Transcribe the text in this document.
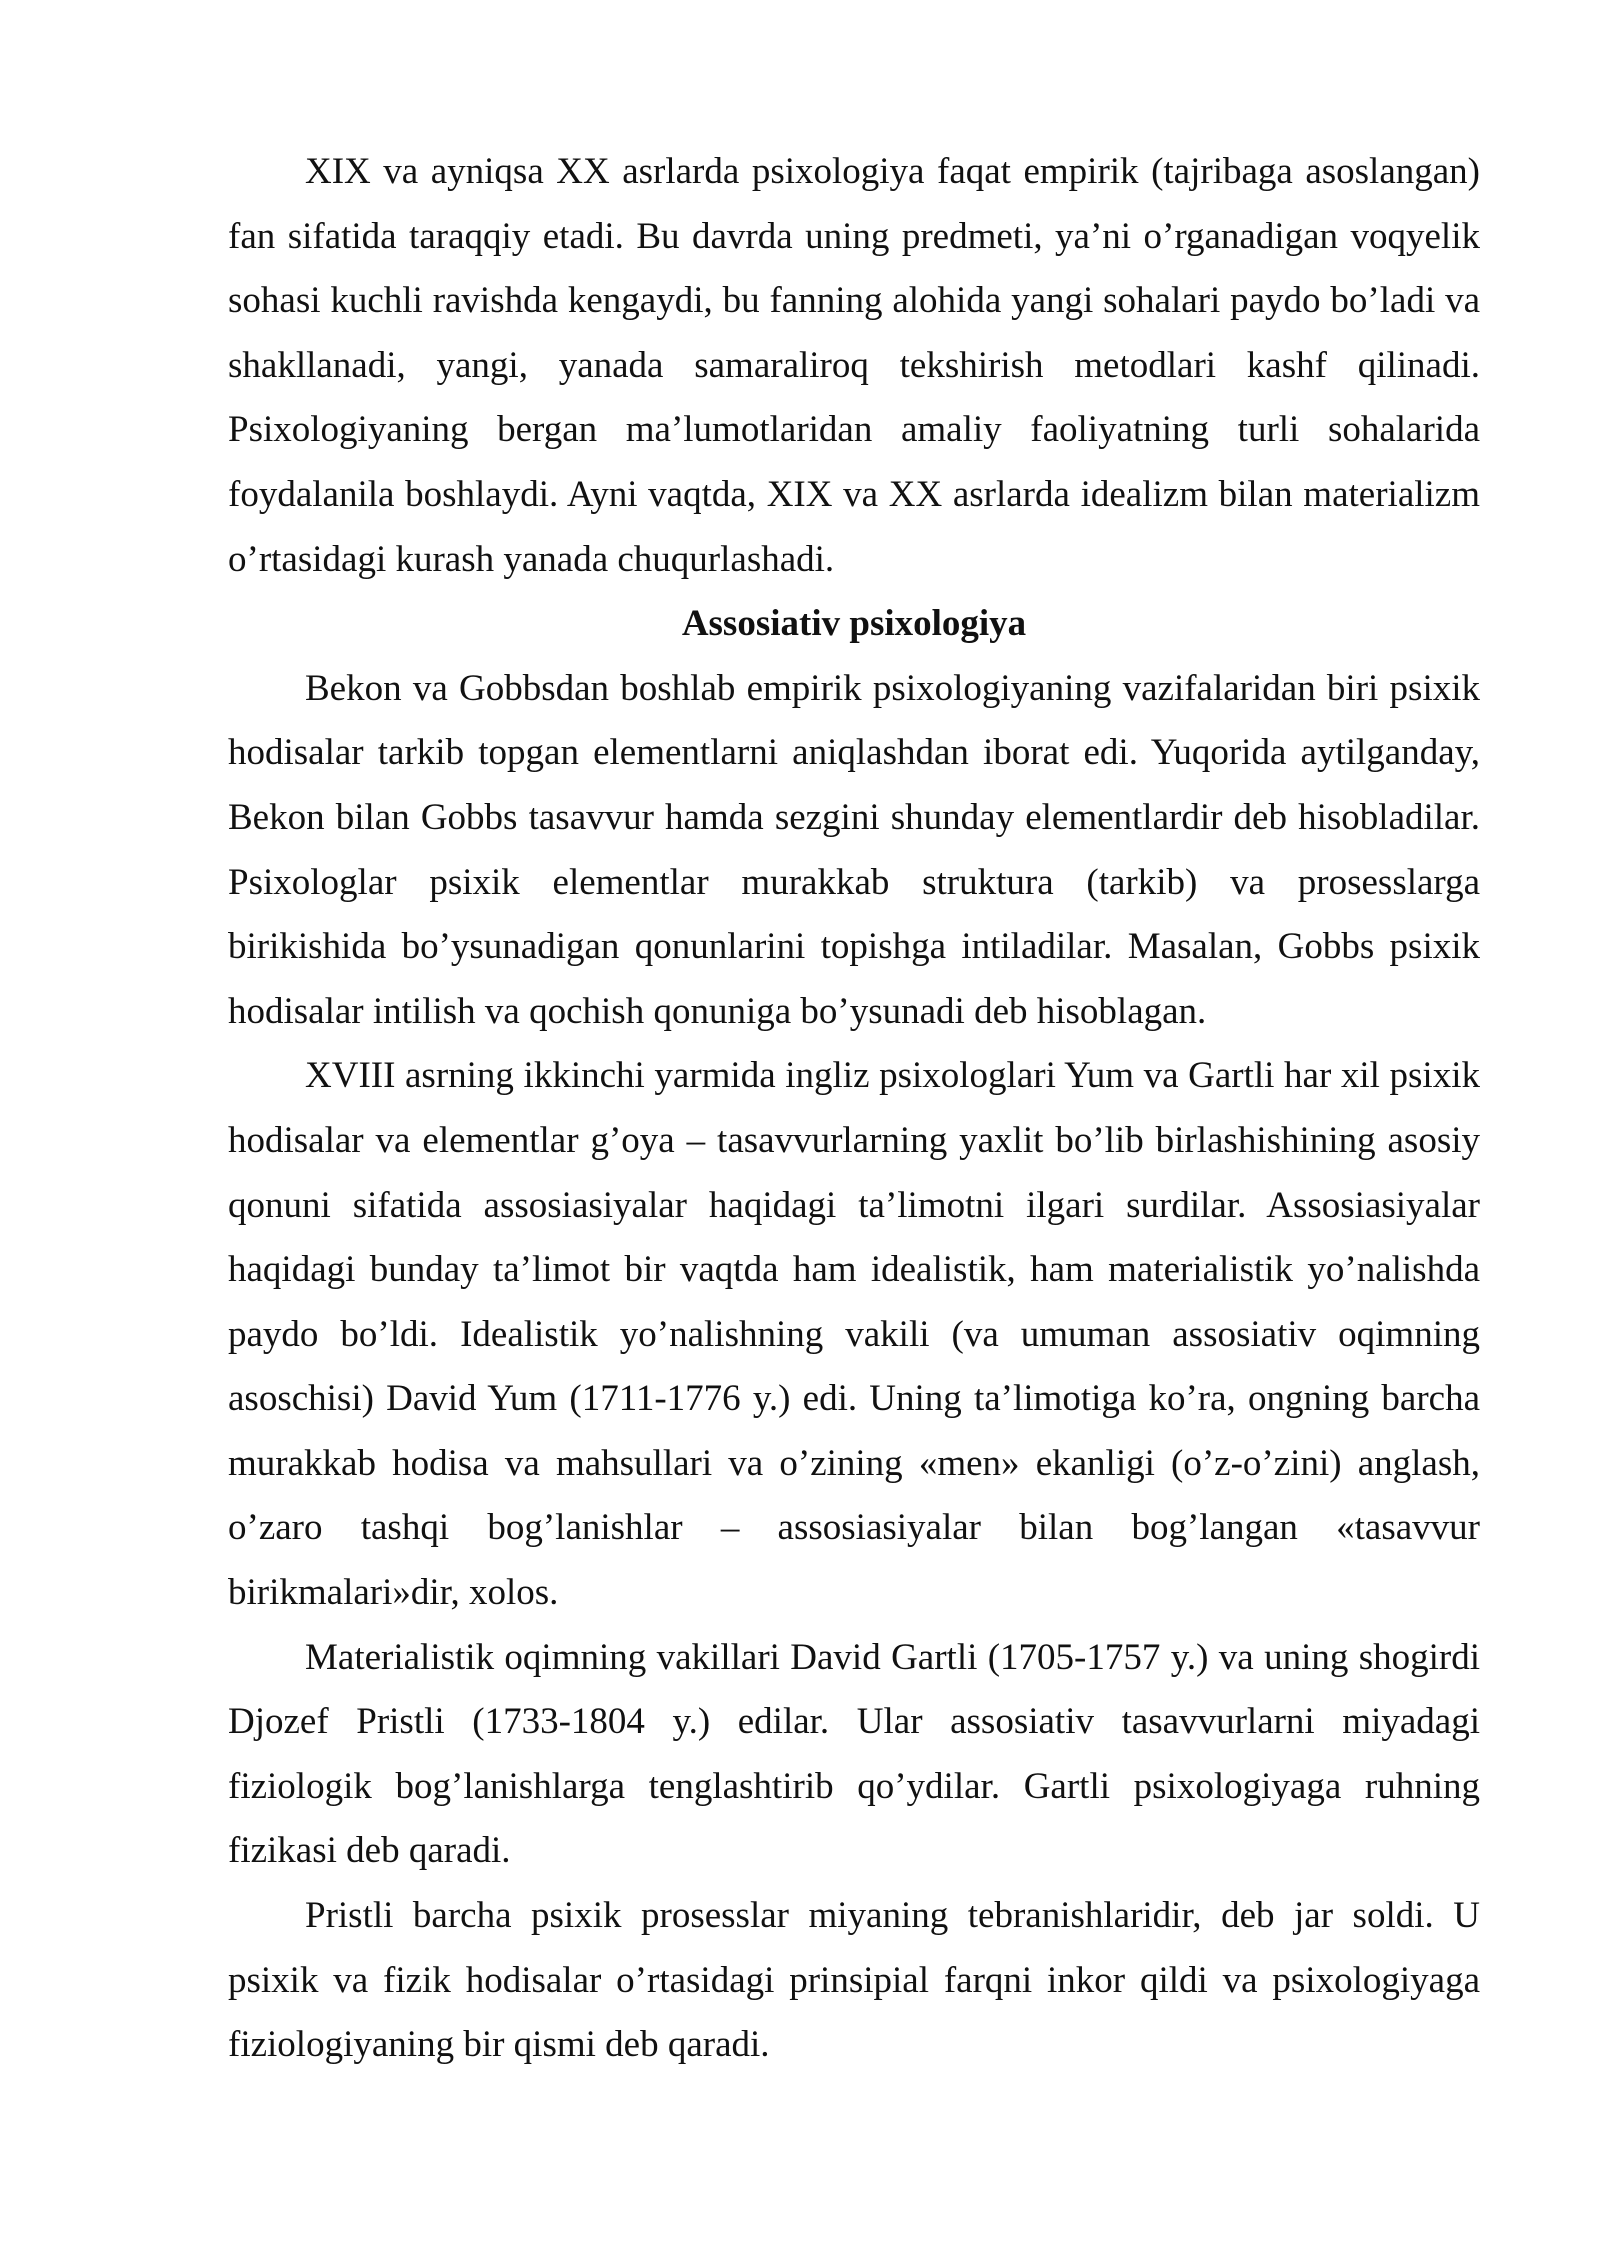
XIX va ayniqsa XX asrlarda psixologiya faqat empirik (tajribaga asoslangan) fan sifatida taraqqiy etadi. Bu davrda uning predmeti, ya’ni o’rganadigan voqyelik sohasi kuchli ravishda kengaydi, bu fanning alohida yangi sohalari paydo bo’ladi va shakllanadi, yangi, yanada samaraliroq tekshirish metodlari kashf qilinadi. Psixologiyaning bergan ma’lumotlaridan amaliy faoliyatning turli sohalarida foydalanila boshlaydi. Ayni vaqtda, XIX va XX asrlarda idealizm bilan materializm o’rtasidagi kurash yanada chuqurlashadi.

Assosiativ psixologiya

Bekon va Gobbsdan boshlab empirik psixologiyaning vazifalaridan biri psixik hodisalar tarkib topgan elementlarni aniqlashdan iborat edi. Yuqorida aytilganday, Bekon bilan Gobbs tasavvur hamda sezgini shunday elementlardir deb hisobladilar. Psixologlar psixik elementlar murakkab struktura (tarkib) va prosesslarga birikishida bo’ysunadigan qonunlarini topishga intiladilar. Masalan, Gobbs psixik hodisalar intilish va qochish qonuniga bo’ysunadi deb hisoblagan.

XVIII asrning ikkinchi yarmida ingliz psixologlari Yum va Gartli har xil psixik hodisalar va elementlar g’oya – tasavvurlarning yaxlit bo’lib birlashishining asosiy qonuni sifatida assosiasiyalar haqidagi ta’limotni ilgari surdilar. Assosiasiyalar haqidagi bunday ta’limot bir vaqtda ham idealistik, ham materialistik yo’nalishda paydo bo’ldi. Idealistik yo’nalishning vakili (va umuman assosiativ oqimning asoschisi) David Yum (1711-1776 y.) edi. Uning ta’limotiga ko’ra, ongning barcha murakkab hodisa va mahsullari va o’zining «men» ekanligi (o’z-o’zini) anglash, o’zaro tashqi bog’lanishlar – assosiasiyalar bilan bog’langan «tasavvur birikmalari»dir, xolos.

Materialistik oqimning vakillari David Gartli (1705-1757 y.) va uning shogirdi Djozef Pristli (1733-1804 y.) edilar. Ular assosiativ tasavvurlarni miyadagi fiziologik bog’lanishlarga tenglashtirib qo’ydilar. Gartli psixologiyaga ruhning fizikasi deb qaradi.

Pristli barcha psixik prosesslar miyaning tebranishlaridir, deb jar soldi. U psixik va fizik hodisalar o’rtasidagi prinsipial farqni inkor qildi va psixologiyaga fiziologiyaning bir qismi deb qaradi.
